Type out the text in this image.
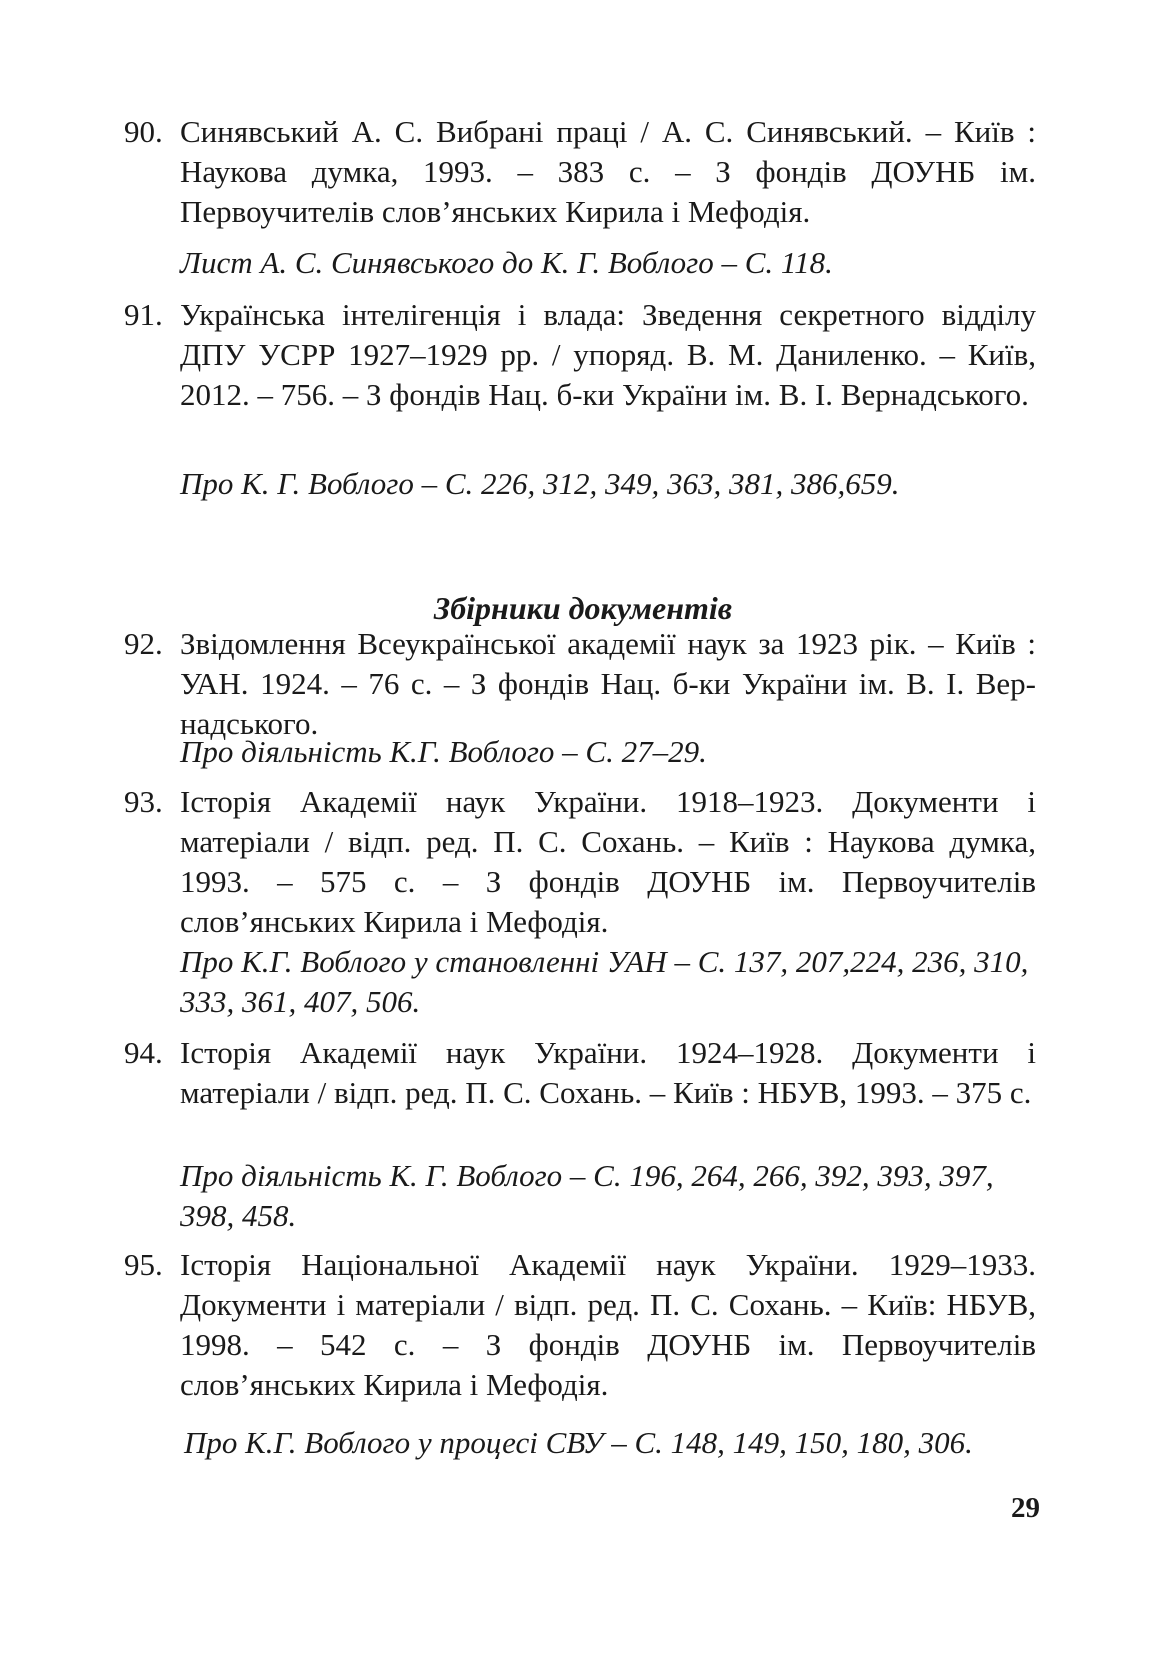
90. Синявський А. С. Вибрані праці / А. С. Синявський. – Київ : Наукова думка, 1993. – 383 с. – З фондів ДОУНБ ім. Первоучителів слов’янських Кирила і Мефодія.
Лист А. С. Синявського до К. Г. Воблого – С. 118.
91. Українська інтелігенція і влада: Зведення секретного відділу ДПУ УСРР 1927–1929 рр. / упоряд. В. М. Даниленко. – Київ, 2012. – 756. – З фондів Нац. б-ки України ім. В. І. Вернадського.
Про К. Г. Воблого – С. 226, 312, 349, 363, 381, 386,659.
Збірники документів
92. Звідомлення Всеукраїнської академії наук за 1923 рік. – Київ : УАН. 1924. – 76 с. – З фондів Нац. б-ки України ім. В. І. Вернадського.
Про діяльність К.Г. Воблого – С. 27–29.
93. Історія Академії наук України. 1918–1923. Документи і матеріали / відп. ред. П. С. Сохань. – Київ : Наукова думка, 1993. – 575 с. – З фондів ДОУНБ ім. Первоучителів слов’янських Кирила і Мефодія.
Про К.Г. Воблого у становленні УАН – С. 137, 207,224, 236, 310, 333, 361, 407, 506.
94. Історія Академії наук України. 1924–1928. Документи і матеріали / відп. ред. П. С. Сохань. – Київ : НБУВ, 1993. – 375 с.
Про діяльність К. Г. Воблого – С. 196, 264, 266, 392, 393, 397, 398, 458.
95. Історія Національної Академії наук України. 1929–1933. Документи і матеріали / відп. ред. П. С. Сохань. – Київ: НБУВ, 1998. – 542 с. – З фондів ДОУНБ ім. Первоучителів слов’янських Кирила і Мефодія.
Про К.Г. Воблого у процесі СВУ – С. 148, 149, 150, 180, 306.
29
